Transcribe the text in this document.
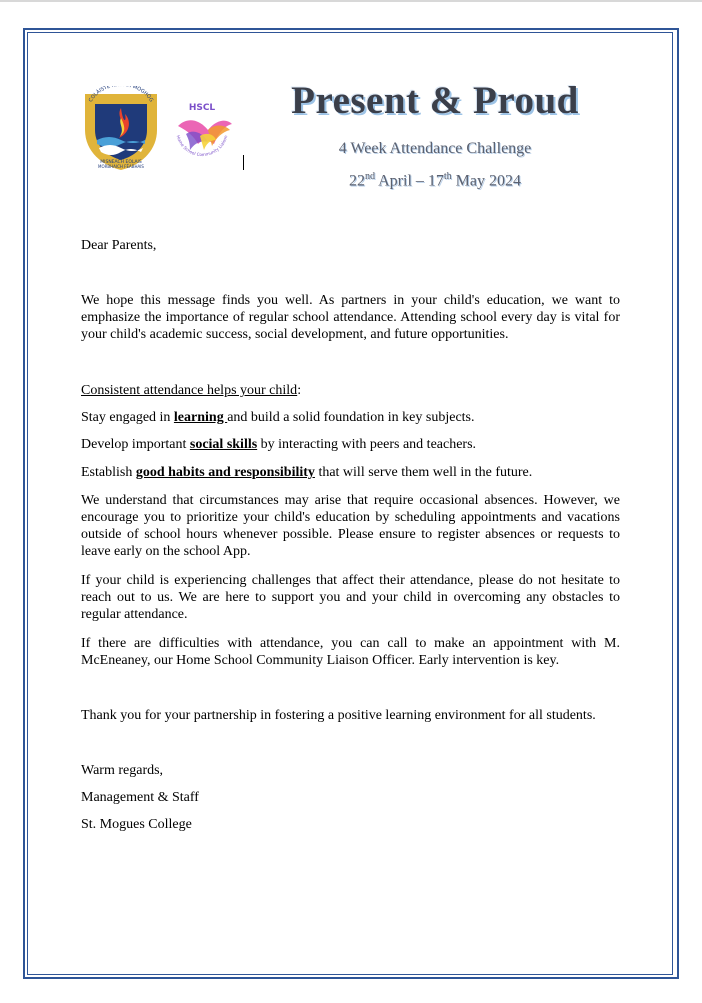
COLÁISTE MOGHÓG
MISNEACH EOLAIS
MORBHAICH FÉABHAIS
HSCL
Home School Community Liaison
Present & Proud
4 Week Attendance Challenge
22nd April – 17th May 2024
Dear Parents,
We hope this message finds you well. As partners in your child's education, we want to emphasize the importance of regular school attendance. Attending school every day is vital for your child's academic success, social development, and future opportunities.
Consistent attendance helps your child:
Stay engaged in learning and build a solid foundation in key subjects.
Develop important social skills by interacting with peers and teachers.
Establish good habits and responsibility that will serve them well in the future.
We understand that circumstances may arise that require occasional absences. However, we encourage you to prioritize your child's education by scheduling appointments and vacations outside of school hours whenever possible. Please ensure to register absences or requests to leave early on the school App.
If your child is experiencing challenges that affect their attendance, please do not hesitate to reach out to us. We are here to support you and your child in overcoming any obstacles to regular attendance.
If there are difficulties with attendance, you can call to make an appointment with M. McEneaney, our Home School Community Liaison Officer. Early intervention is key.
Thank you for your partnership in fostering a positive learning environment for all students.
Warm regards,
Management & Staff
St. Mogues College
